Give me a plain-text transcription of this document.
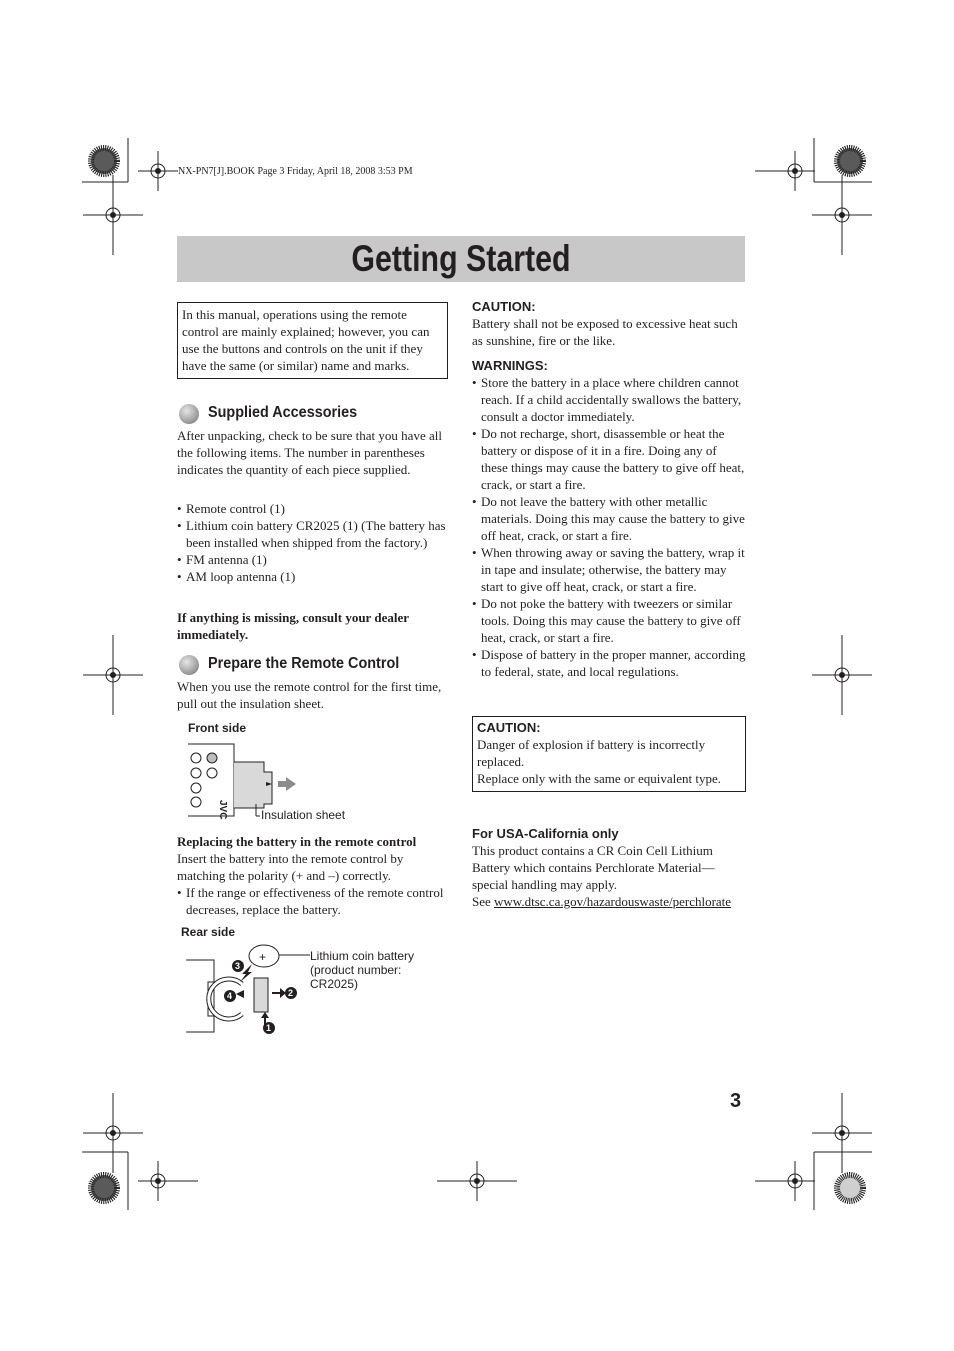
NX-PN7[J].BOOK Page 3 Friday, April 18, 2008 3:53 PM
Getting Started
In this manual, operations using the remote control are mainly explained; however, you can use the buttons and controls on the unit if they have the same (or similar) name and marks.
Supplied Accessories
After unpacking, check to be sure that you have all the following items. The number in parentheses indicates the quantity of each piece supplied.
• Remote control (1)
• Lithium coin battery CR2025 (1) (The battery has been installed when shipped from the factory.)
• FM antenna (1)
• AM loop antenna (1)
If anything is missing, consult your dealer immediately.
Prepare the Remote Control
When you use the remote control for the first time, pull out the insulation sheet.
Front side
JVC	Insulation sheet
Replacing the battery in the remote control
Insert the battery into the remote control by matching the polarity (+ and –) correctly.
• If the range or effectiveness of the remote control decreases, replace the battery.
Rear side
+
1
2
3
4
Lithium coin battery (product number: CR2025)
CAUTION:
Battery shall not be exposed to excessive heat such as sunshine, fire or the like.
WARNINGS:
• Store the battery in a place where children cannot reach. If a child accidentally swallows the battery, consult a doctor immediately.
• Do not recharge, short, disassemble or heat the battery or dispose of it in a fire. Doing any of these things may cause the battery to give off heat, crack, or start a fire.
• Do not leave the battery with other metallic materials. Doing this may cause the battery to give off heat, crack, or start a fire.
• When throwing away or saving the battery, wrap it in tape and insulate; otherwise, the battery may start to give off heat, crack, or start a fire.
• Do not poke the battery with tweezers or similar tools. Doing this may cause the battery to give off heat, crack, or start a fire.
• Dispose of battery in the proper manner, according to federal, state, and local regulations.
CAUTION:
Danger of explosion if battery is incorrectly replaced.
Replace only with the same or equivalent type.
For USA-California only
This product contains a CR Coin Cell Lithium Battery which contains Perchlorate Material—special handling may apply.
See www.dtsc.ca.gov/hazardouswaste/perchlorate
3
